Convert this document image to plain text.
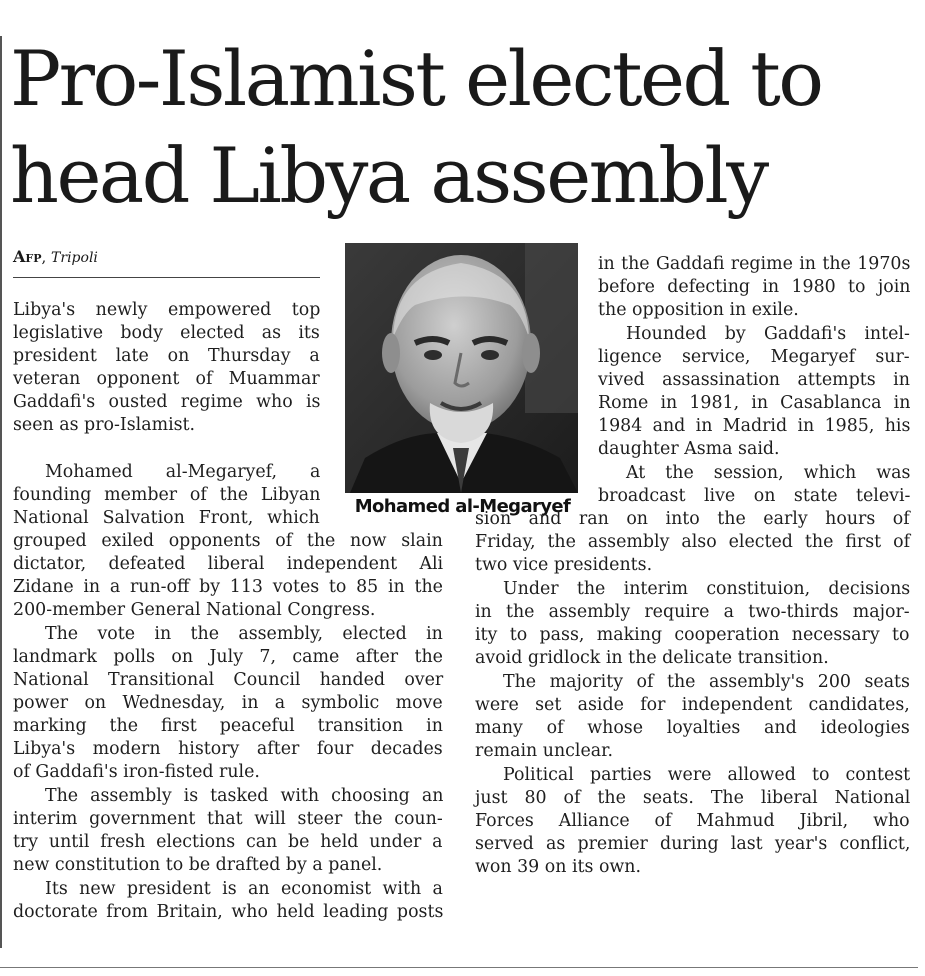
Pro-Islamist elected to
head Libya assembly
Afp, Tripoli
Mohamed al-Megaryef
Libya's newly empowered top
legislative body elected as its
president late on Thursday a
veteran opponent of Muammar
Gaddafi's ousted regime who is
seen as pro-Islamist.
Mohamed al-Megaryef, a
founding member of the Libyan
National Salvation Front, which
grouped exiled opponents of the now slain
dictator, defeated liberal independent Ali
Zidane in a run-off by 113 votes to 85 in the
200-member General National Congress.
The vote in the assembly, elected in
landmark polls on July 7, came after the
National Transitional Council handed over
power on Wednesday, in a symbolic move
marking the first peaceful transition in
Libya's modern history after four decades
of Gaddafi's iron-fisted rule.
The assembly is tasked with choosing an
interim government that will steer the coun-
try until fresh elections can be held under a
new constitution to be drafted by a panel.
Its new president is an economist with a
doctorate from Britain, who held leading posts
in the Gaddafi regime in the 1970s
before defecting in 1980 to join
the opposition in exile.
Hounded by Gaddafi's intel-
ligence service, Megaryef sur-
vived assassination attempts in
Rome in 1981, in Casablanca in
1984 and in Madrid in 1985, his
daughter Asma said.
At the session, which was
broadcast live on state televi-
sion and ran on into the early hours of
Friday, the assembly also elected the first of
two vice presidents.
Under the interim constituion, decisions
in the assembly require a two-thirds major-
ity to pass, making cooperation necessary to
avoid gridlock in the delicate transition.
The majority of the assembly's 200 seats
were set aside for independent candidates,
many of whose loyalties and ideologies
remain unclear.
Political parties were allowed to contest
just 80 of the seats. The liberal National
Forces Alliance of Mahmud Jibril, who
served as premier during last year's conflict,
won 39 on its own.
